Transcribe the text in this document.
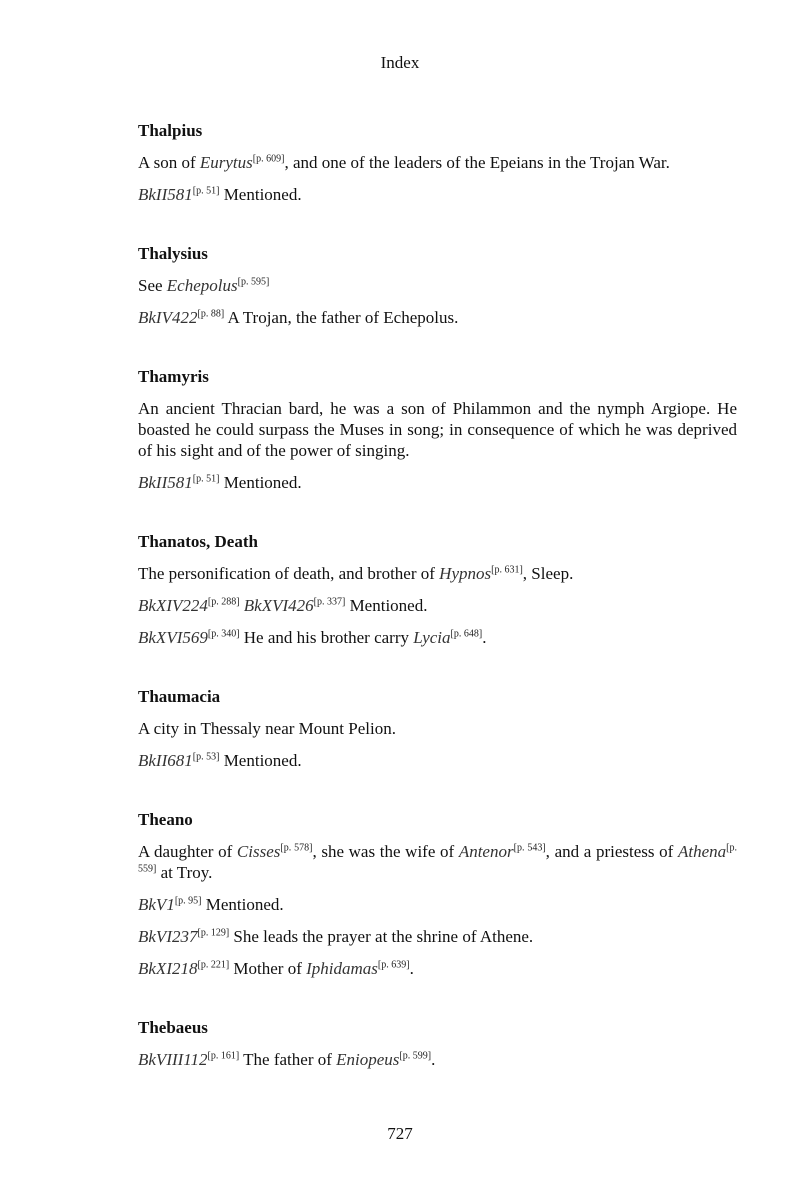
Index
Thalpius

A son of Eurytus[p. 609], and one of the leaders of the Epeians in the Trojan War.

BkII581[p. 51] Mentioned.

Thalysius

See Echepolus[p. 595]

BkIV422[p. 88] A Trojan, the father of Echepolus.

Thamyris

An ancient Thracian bard, he was a son of Philammon and the nymph Argiope. He boasted he could surpass the Muses in song; in consequence of which he was deprived of his sight and of the power of singing.

BkII581[p. 51] Mentioned.

Thanatos, Death

The personification of death, and brother of Hypnos[p. 631], Sleep.

BkXIV224[p. 288] BkXVI426[p. 337] Mentioned.

BkXVI569[p. 340] He and his brother carry Lycia[p. 648].

Thaumacia

A city in Thessaly near Mount Pelion.

BkII681[p. 53] Mentioned.

Theano

A daughter of Cisses[p. 578], she was the wife of Antenor[p. 543], and a priestess of Athena[p. 559] at Troy.

BkV1[p. 95] Mentioned.

BkVI237[p. 129] She leads the prayer at the shrine of Athene.

BkXI218[p. 221] Mother of Iphidamas[p. 639].

Thebaeus

BkVIII112[p. 161] The father of Eniopeus[p. 599].

727
